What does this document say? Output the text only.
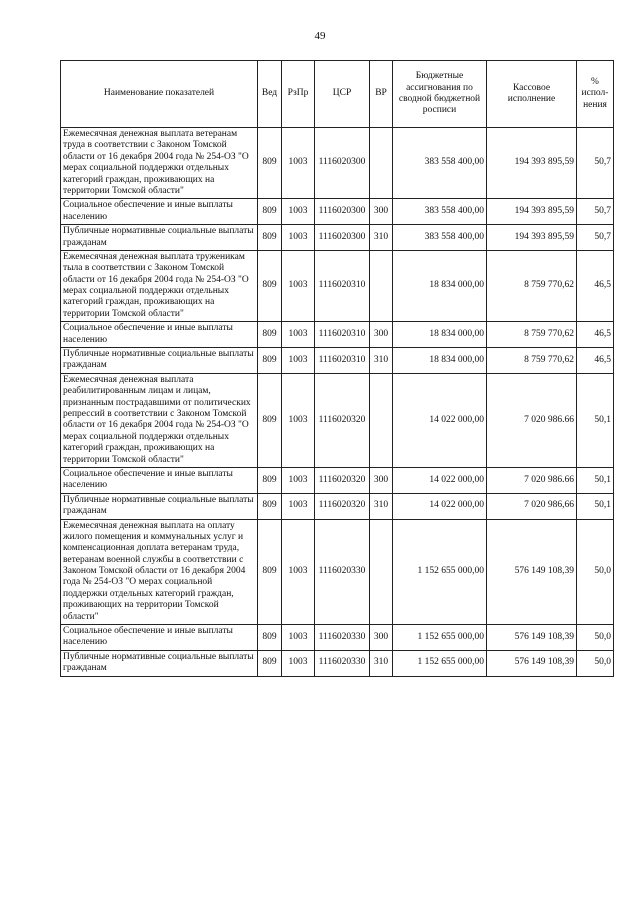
49
Наименование показателей	Вед	РзПр	ЦСР	ВР	Бюджетные ассигнования по сводной бюджетной росписи	Кассовое исполнение	% испол-нения
Ежемесячная денежная выплата ветеранам труда в соответствии с Законом Томской области от 16 декабря 2004 года № 254-ОЗ "О мерах социальной поддержки отдельных категорий граждан, проживающих на территории Томской области"	809	1003	1116020300		383 558 400,00	194 393 895,59	50,7
Социальное обеспечение и иные выплаты населению	809	1003	1116020300	300	383 558 400,00	194 393 895,59	50,7
Публичные нормативные социальные выплаты гражданам	809	1003	1116020300	310	383 558 400,00	194 393 895,59	50,7
Ежемесячная денежная выплата труженикам тыла в соответствии с Законом Томской области от 16 декабря 2004 года № 254-ОЗ "О мерах социальной поддержки отдельных категорий граждан, проживающих на территории Томской области"	809	1003	1116020310		18 834 000,00	8 759 770,62	46,5
Социальное обеспечение и иные выплаты населению	809	1003	1116020310	300	18 834 000,00	8 759 770,62	46,5
Публичные нормативные социальные выплаты гражданам	809	1003	1116020310	310	18 834 000,00	8 759 770,62	46,5
Ежемесячная денежная выплата реабилитированным лицам и лицам, признанным пострадавшими от политических репрессий в соответствии с Законом Томской области от 16 декабря 2004 года № 254-ОЗ "О мерах социальной поддержки отдельных категорий граждан, проживающих на территории Томской области"	809	1003	1116020320		14 022 000,00	7 020 986.66	50,1
Социальное обеспечение и иные выплаты населению	809	1003	1116020320	300	14 022 000,00	7 020 986.66	50,1
Публичные нормативные социальные выплаты гражданам	809	1003	1116020320	310	14 022 000,00	7 020 986,66	50,1
Ежемесячная денежная выплата на оплату жилого помещения и коммунальных услуг и компенсационная доплата ветеранам труда, ветеранам военной службы в соответствии с Законом Томской области от 16 декабря 2004 года № 254-ОЗ "О мерах социальной поддержки отдельных категорий граждан, проживающих на территории Томской области"	809	1003	1116020330		1 152 655 000,00	576 149 108,39	50,0
Социальное обеспечение и иные выплаты населению	809	1003	1116020330	300	1 152 655 000,00	576 149 108,39	50,0
Публичные нормативные социальные выплаты гражданам	809	1003	1116020330	310	1 152 655 000,00	576 149 108,39	50,0
